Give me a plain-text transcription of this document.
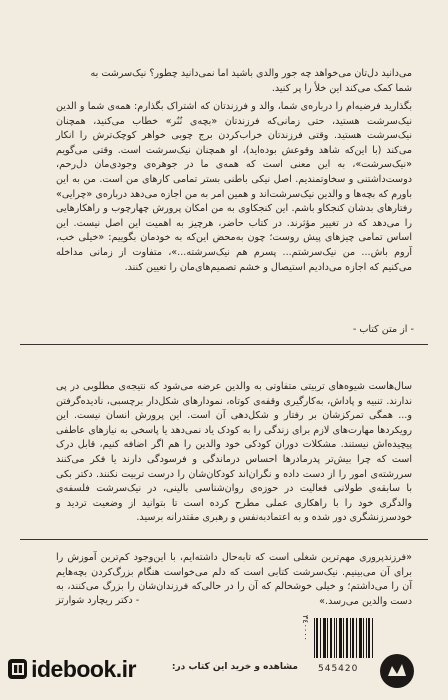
می‌دانید دل‌تان می‌خواهد چه جور والدی باشید اما نمی‌دانید چطور؟ نیک‌سرشت به

شما کمک می‌کند این خلأ را پر کنید.

بگذارید فرضیه‌ام را درباره‌ی شما، والد و فرزندتان که اشتراک بگذارم: همه‌ی شما و الدین نیک‌سرشت هستید، حتی زمانی‌که فرزندتان «بچه‌ی نُنُر» خطاب می‌کنید، همچنان نیک‌سرشت هستید. وقتی فرزندتان خراب‌کردن برج چوبی خواهر کوچک‌ترش را انکار می‌کند (با این‌که شاهد وقوعش بوده‌اید)، او همچنان نیک‌سرشت است. وقتی می‌گویم «نیک‌سرشت»، به این معنی است که همه‌ی ما در جوهره‌ی وجودی‌مان دل‌رحم، دوست‌داشتنی و سخاوتمندیم. اصل نیکی باطنی بستر تمامی کارهای من است. من به این باورم که بچه‌ها و والدین نیک‌سرشت‌اند و همین امر به من اجازه می‌دهد درباره‌ی «چرایی» رفتارهای بدشان کنجکاو باشم. این کنجکاوی به من امکان پرورش چهارچوب و راهکارهایی را می‌دهد که در تغییر مؤثرند. در کتاب حاضر، هرچیز به اهمیت این اصل نیست. این اساس تمامی چیزهای پیش روست؛ چون به‌محض این‌که به خودمان بگوییم: «خیلی خب، آروم باش... من نیک‌سرشتم... پسرم هم نیک‌سرشته...»، متفاوت از زمانی مداخله می‌کنیم که اجازه می‌دادیم استیصال و خشم تصمیم‌های‌مان را تعیین کنند.

- از متن کتاب -

سال‌هاست شیوه‌های تربیتی متفاوتی به والدین عرضه می‌شود که نتیجه‌ی مطلوبی در پی ندارند. تنبیه و پاداش، به‌کارگیری وقفه‌ی کوتاه، نمودارهای شکل‌دار برچسبی، نادیده‌گرفتن و... همگی تمرکزشان بر رفتار و شکل‌دهی آن است. این پرورش انسان نیست. این رویکردها مهارت‌های لازم برای زندگی را به کودک یاد نمی‌دهد یا پاسخی به نیازهای عاطفی پیچیده‌اش نیستند. مشکلات دوران کودکی خود والدین را هم اگر اضافه کنیم، قابل درک است که چرا بیش‌تر پدرمادرها احساس درماندگی و فرسودگی دارند یا فکر می‌کنند سررشته‌ی امور را از دست داده و نگران‌اند کودکان‌شان را درست تربیت نکنند. دکتر بکی با سابقه‌ی طولانی فعالیت در حوزه‌ی روان‌شناسی بالینی، در نیک‌سرشت فلسفه‌ی والدگری خود را با راهکاری عملی مطرح کرده است تا بتوانید از وضعیت تردید و خودسرزنشگری دور شده و به اعتمادبه‌نفس و رهبری مقتدرانه برسید.

«فرزندپروری مهم‌ترین شغلی است که تابه‌حال داشته‌ایم، با این‌وجود کم‌ترین آموزش را برای آن می‌بینیم. نیک‌سرشت کتابی است که دلم می‌خواست هنگام بزرگ‌کردن بچه‌هایم آن را می‌داشتم؛ و خیلی خوشحالم که آن را در حالی‌که فرزندان‌شان را بزرگ می‌کنند، به دست والدین می‌رسد.»

- دکتر ریچارد شوارتز

idebook.ir	مشاهده و خرید این کتاب در:
٣٤٠٠٠٠
545420
